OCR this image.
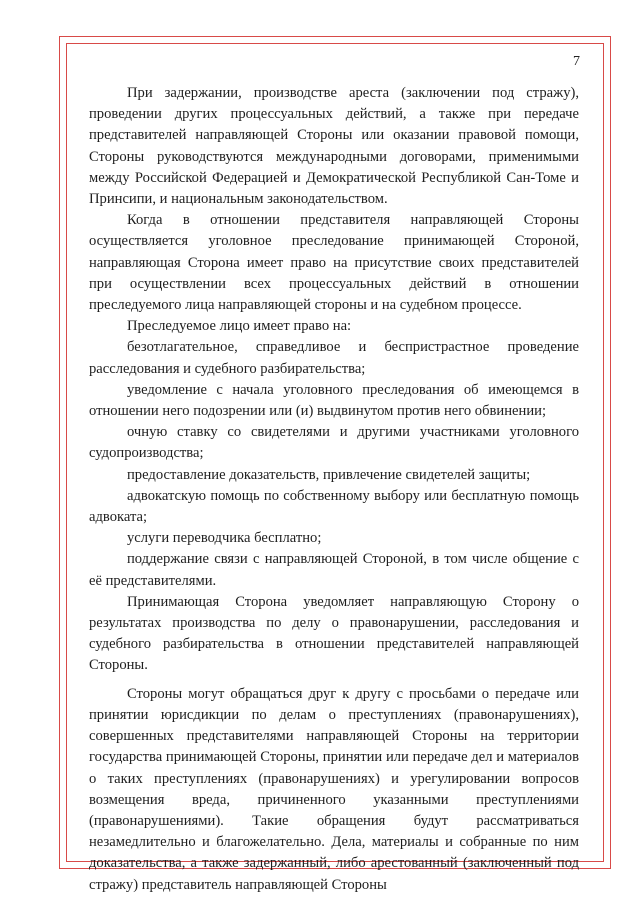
7

При задержании, производстве ареста (заключении под стражу), проведении других процессуальных действий, а также при передаче представителей направляющей Стороны или оказании правовой помощи, Стороны руководствуются международными договорами, применимыми между Российской Федерацией и Демократической Республикой Сан-Томе и Принсипи, и национальным законодательством.

Когда в отношении представителя направляющей Стороны осуществляется уголовное преследование принимающей Стороной, направляющая Сторона имеет право на присутствие своих представителей при осуществлении всех процессуальных действий в отношении преследуемого лица направляющей стороны и на судебном процессе.

Преследуемое лицо имеет право на:

безотлагательное, справедливое и беспристрастное проведение расследования и судебного разбирательства;

уведомление с начала уголовного преследования об имеющемся в отношении него подозрении или (и) выдвинутом против него обвинении;

очную ставку со свидетелями и другими участниками уголовного судопроизводства;

предоставление доказательств, привлечение свидетелей защиты;

адвокатскую помощь по собственному выбору или бесплатную помощь адвоката;

услуги переводчика бесплатно;

поддержание связи с направляющей Стороной, в том числе общение с её представителями.

Принимающая Сторона уведомляет направляющую Сторону о результатах производства по делу о правонарушении, расследования и судебного разбирательства в отношении представителей направляющей Стороны.

Стороны могут обращаться друг к другу с просьбами о передаче или принятии юрисдикции по делам о преступлениях (правонарушениях), совершенных представителями направляющей Стороны на территории государства принимающей Стороны, принятии или передаче дел и материалов о таких преступлениях (правонарушениях) и урегулировании вопросов возмещения вреда, причиненного указанными преступлениями (правонарушениями). Такие обращения будут рассматриваться незамедлительно и благожелательно. Дела, материалы и собранные по ним доказательства, а также задержанный, либо арестованный (заключенный под стражу) представитель направляющей Стороны
